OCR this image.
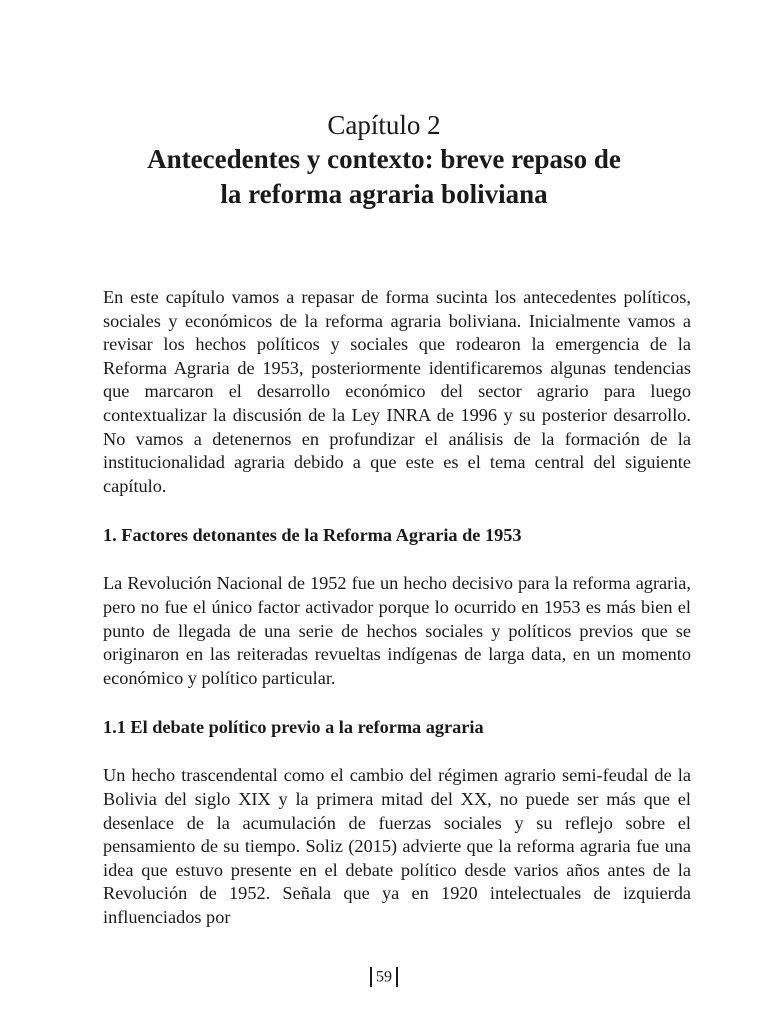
Capítulo 2

Antecedentes y contexto: breve repaso de

la reforma agraria boliviana

En este capítulo vamos a repasar de forma sucinta los antecedentes políticos, sociales y económicos de la reforma agraria boliviana. Inicialmente vamos a revisar los hechos políticos y sociales que rodearon la emergencia de la Reforma Agraria de 1953, posteriormente identificaremos algunas tendencias que marcaron el desarrollo económico del sector agrario para luego contextualizar la discusión de la Ley INRA de 1996 y su posterior desarrollo. No vamos a detenernos en profundizar el análisis de la formación de la institucionalidad agraria debido a que este es el tema central del siguiente capítulo.

1. Factores detonantes de la Reforma Agraria de 1953

La Revolución Nacional de 1952 fue un hecho decisivo para la reforma agraria, pero no fue el único factor activador porque lo ocurrido en 1953 es más bien el punto de llegada de una serie de hechos sociales y políticos previos que se originaron en las reiteradas revueltas indígenas de larga data, en un momento económico y político particular.

1.1 El debate político previo a la reforma agraria

Un hecho trascendental como el cambio del régimen agrario semi-feudal de la Bolivia del siglo XIX y la primera mitad del XX, no puede ser más que el desenlace de la acumulación de fuerzas sociales y su reflejo sobre el pensamiento de su tiempo. Soliz (2015) advierte que la reforma agraria fue una idea que estuvo presente en el debate político desde varios años antes de la Revolución de 1952. Señala que ya en 1920 intelectuales de izquierda influenciados por

59
